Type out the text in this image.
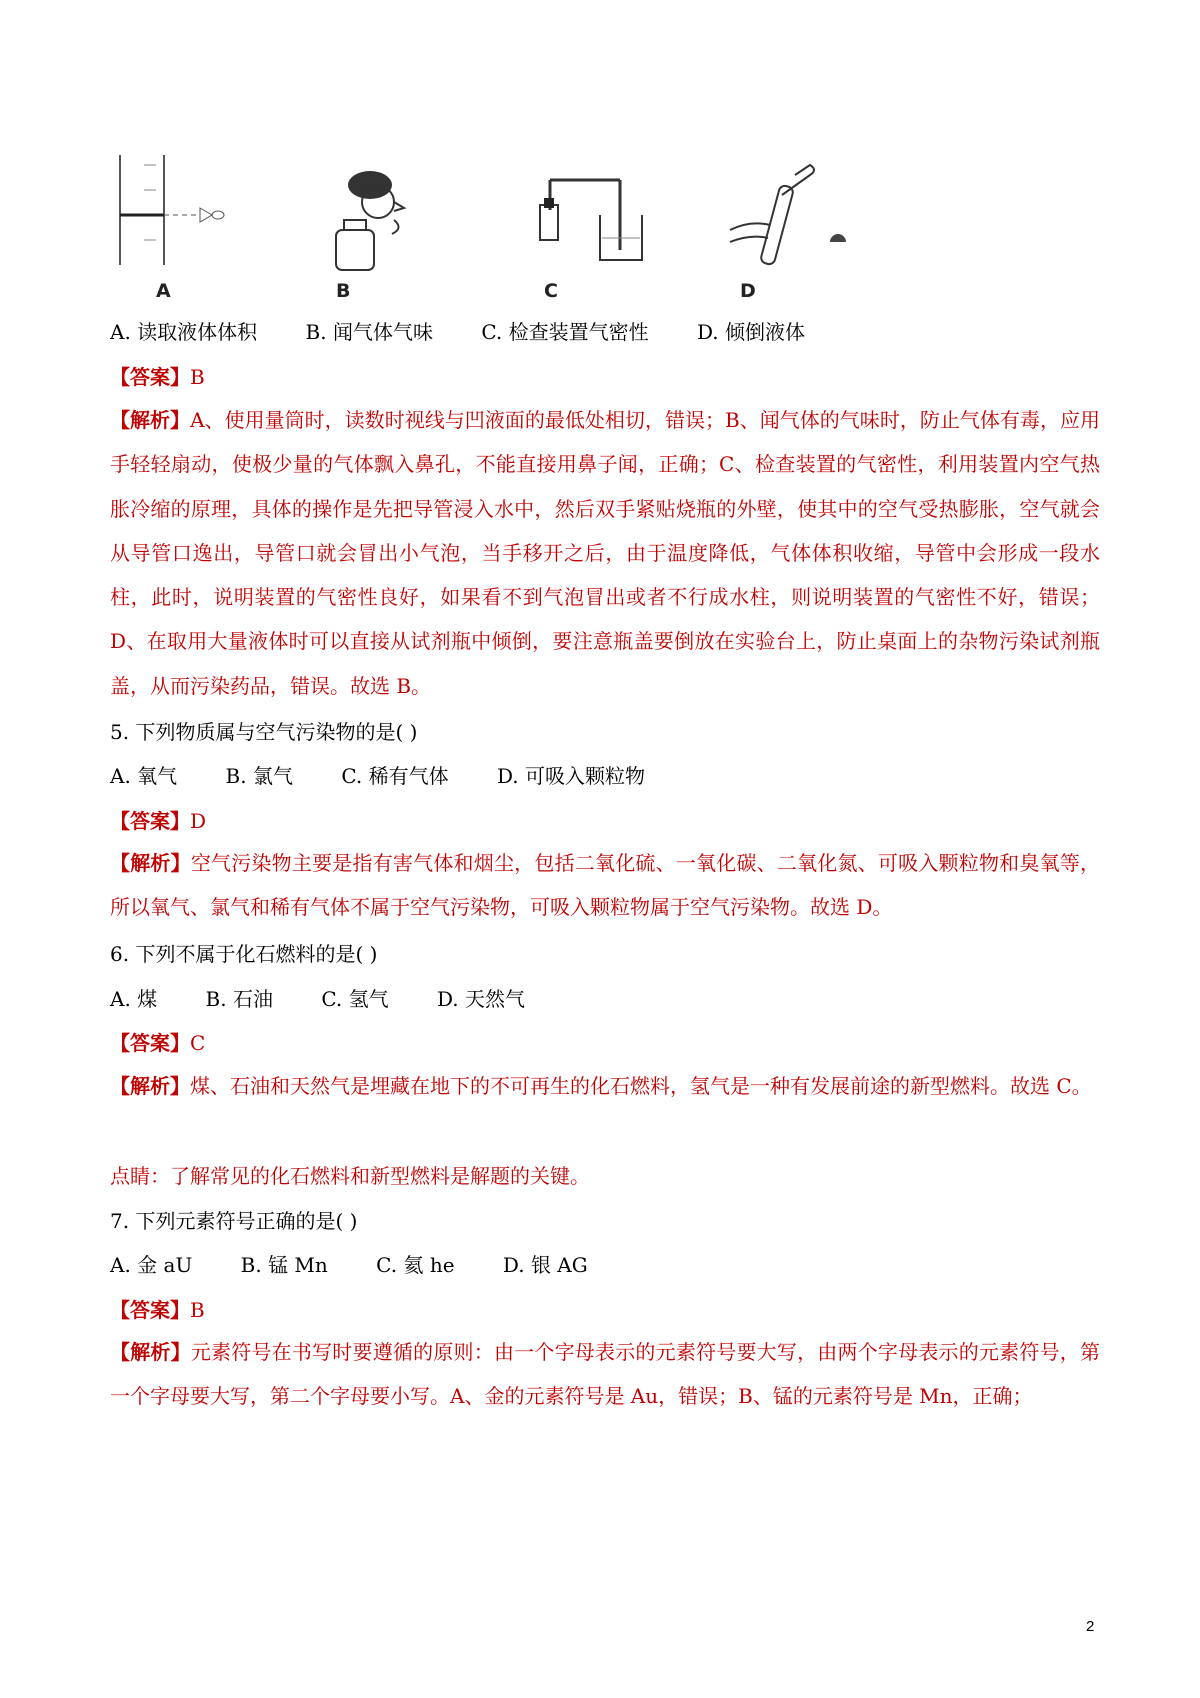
A	B	C	D
A. 读取液体体积 B. 闻气体气味 C. 检查装置气密性 D. 倾倒液体
【答案】B
【解析】A、使用量筒时，读数时视线与凹液面的最低处相切，错误；B、闻气体的气味时，防止气体有毒，应用手轻轻扇动，使极少量的气体飘入鼻孔，不能直接用鼻子闻，正确；C、检查装置的气密性，利用装置内空气热胀冷缩的原理，具体的操作是先把导管浸入水中，然后双手紧贴烧瓶的外壁，使其中的空气受热膨胀，空气就会从导管口逸出，导管口就会冒出小气泡，当手移开之后，由于温度降低，气体体积收缩，导管中会形成一段水柱，此时，说明装置的气密性良好，如果看不到气泡冒出或者不行成水柱，则说明装置的气密性不好，错误；D、在取用大量液体时可以直接从试剂瓶中倾倒，要注意瓶盖要倒放在实验台上，防止桌面上的杂物污染试剂瓶盖，从而污染药品，错误。故选 B。
5. 下列物质属与空气污染物的是( )
A. 氧气 B. 氯气 C. 稀有气体 D. 可吸入颗粒物
【答案】D
【解析】空气污染物主要是指有害气体和烟尘，包括二氧化硫、一氧化碳、二氧化氮、可吸入颗粒物和臭氧等，所以氧气、氯气和稀有气体不属于空气污染物，可吸入颗粒物属于空气污染物。故选 D。
6. 下列不属于化石燃料的是( )
A. 煤 B. 石油 C. 氢气 D. 天然气
【答案】C
【解析】煤、石油和天然气是埋藏在地下的不可再生的化石燃料，氢气是一种有发展前途的新型燃料。故选 C。
点睛：了解常见的化石燃料和新型燃料是解题的关键。
7. 下列元素符号正确的是( )
A. 金 aU B. 锰 Mn C. 氦 he D. 银 AG
【答案】B
【解析】元素符号在书写时要遵循的原则：由一个字母表示的元素符号要大写，由两个字母表示的元素符号，第一个字母要大写，第二个字母要小写。A、金的元素符号是 Au，错误；B、锰的元素符号是 Mn，正确；
2
